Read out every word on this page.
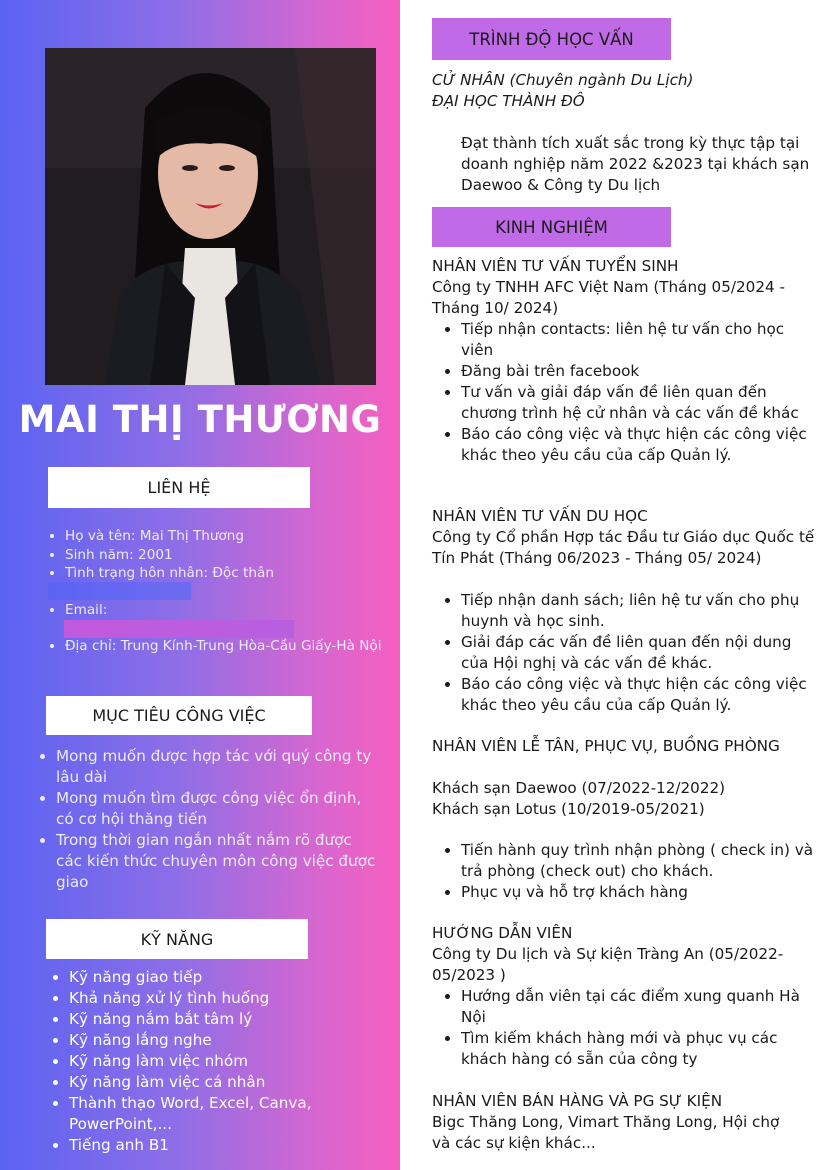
MAI THỊ THƯƠNG
LIÊN HỆ
• Họ và tên: Mai Thị Thương
• Sinh năm: 2001
• Tình trạng hôn nhân: Độc thân
• Email:
• Địa chỉ: Trung Kính-Trung Hòa-Cầu Giấy-Hà Nội
MỤC TIÊU CÔNG VIỆC
• Mong muốn được hợp tác với quý công ty lâu dài
• Mong muốn tìm được công việc ổn định, có cơ hội thăng tiến
• Trong thời gian ngắn nhất nắm rõ được các kiến thức chuyên môn công việc được giao
KỸ NĂNG
• Kỹ năng giao tiếp
• Khả năng xử lý tình huống
• Kỹ năng nắm bắt tâm lý
• Kỹ năng lắng nghe
• Kỹ năng làm việc nhóm
• Kỹ năng làm việc cá nhân
• Thành thạo Word, Excel, Canva, PowerPoint,...
• Tiếng anh B1
TRÌNH ĐỘ HỌC VẤN
CỬ NHÂN (Chuyên ngành Du Lịch)
ĐẠI HỌC THÀNH ĐÔ
Đạt thành tích xuất sắc trong kỳ thực tập tại doanh nghiệp năm 2022 &2023 tại khách sạn Daewoo & Công ty Du lịch
KINH NGHIỆM
NHÂN VIÊN TƯ VẤN TUYỂN SINH
Công ty TNHH AFC Việt Nam (Tháng 05/2024 - Tháng 10/ 2024)
• Tiếp nhận contacts: liên hệ tư vấn cho học viên
• Đăng bài trên facebook
• Tư vấn và giải đáp vấn đề liên quan đến chương trình hệ cử nhân và các vấn đề khác
• Báo cáo công việc và thực hiện các công việc khác theo yêu cầu của cấp Quản lý.
NHÂN VIÊN TƯ VẤN DU HỌC
Công ty Cổ phần Hợp tác Đầu tư Giáo dục Quốc tế Tín Phát (Tháng 06/2023 - Tháng 05/ 2024)
• Tiếp nhận danh sách; liên hệ tư vấn cho phụ huynh và học sinh.
• Giải đáp các vấn đề liên quan đến nội dung của Hội nghị và các vấn đề khác.
• Báo cáo công việc và thực hiện các công việc khác theo yêu cầu của cấp Quản lý.
NHÂN VIÊN LỄ TÂN, PHỤC VỤ, BUỒNG PHÒNG
Khách sạn Daewoo (07/2022-12/2022)
Khách sạn Lotus (10/2019-05/2021)
• Tiến hành quy trình nhận phòng ( check in) và trả phòng (check out) cho khách.
• Phục vụ và hỗ trợ khách hàng
HƯỚNG DẪN VIÊN
Công ty Du lịch và Sự kiện Tràng An (05/2022- 05/2023 )
• Hướng dẫn viên tại các điểm xung quanh Hà Nội
• Tìm kiếm khách hàng mới và phục vụ các khách hàng có sẵn của công ty
NHÂN VIÊN BÁN HÀNG VÀ PG SỰ KIỆN
Bigc Thăng Long, Vimart Thăng Long, Hội chợ và các sự kiện khác...
